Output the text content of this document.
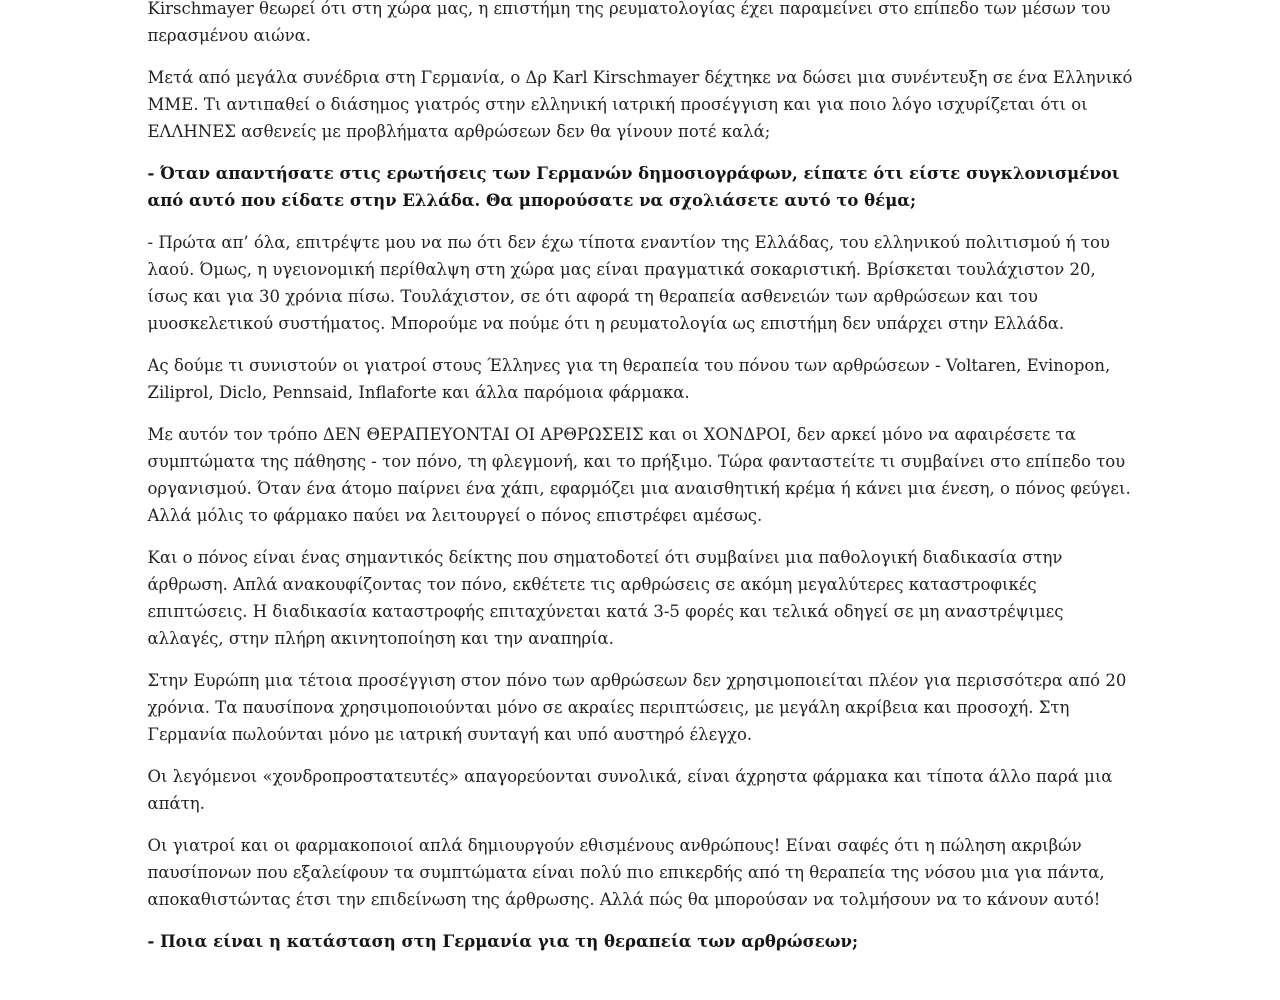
Kirschmayer θεωρεί ότι στη χώρα μας, η επιστήμη της ρευματολογίας έχει παραμείνει στο επίπεδο των μέσων του περασμένου αιώνα.

Μετά από μεγάλα συνέδρια στη Γερμανία, ο Δρ Karl Kirschmayer δέχτηκε να δώσει μια συνέντευξη σε ένα Ελληνικό ΜΜΕ. Τι αντιπαθεί ο διάσημος γιατρός στην ελληνική ιατρική προσέγγιση και για ποιο λόγο ισχυρίζεται ότι οι ΕΛΛΗΝΕΣ ασθενείς με προβλήματα αρθρώσεων δεν θα γίνουν ποτέ καλά;

- Όταν απαντήσατε στις ερωτήσεις των Γερμανών δημοσιογράφων, είπατε ότι είστε συγκλονισμένοι από αυτό που είδατε στην Ελλάδα. Θα μπορούσατε να σχολιάσετε αυτό το θέμα;

- Πρώτα απ’ όλα, επιτρέψτε μου να πω ότι δεν έχω τίποτα εναντίον της Ελλάδας, του ελληνικού πολιτισμού ή του λαού. Όμως, η υγειονομική περίθαλψη στη χώρα μας είναι πραγματικά σοκαριστική. Βρίσκεται τουλάχιστον 20, ίσως και για 30 χρόνια πίσω. Τουλάχιστον, σε ότι αφορά τη θεραπεία ασθενειών των αρθρώσεων και του μυοσκελετικού συστήματος. Μπορούμε να πούμε ότι η ρευματολογία ως επιστήμη δεν υπάρχει στην Ελλάδα.

Ας δούμε τι συνιστούν οι γιατροί στους Έλληνες για τη θεραπεία του πόνου των αρθρώσεων - Voltaren, Evinopon, Ziliprol, Diclo, Pennsaid, Inflaforte και άλλα παρόμοια φάρμακα.

Με αυτόν τον τρόπο ΔΕΝ ΘΕΡΑΠΕΥΟΝΤΑΙ ΟΙ ΑΡΘΡΩΣΕΙΣ και οι ΧΟΝΔΡΟΙ, δεν αρκεί μόνο να αφαιρέσετε τα συμπτώματα της πάθησης - τον πόνο, τη φλεγμονή, και το πρήξιμο. Τώρα φανταστείτε τι συμβαίνει στο επίπεδο του οργανισμού. Όταν ένα άτομο παίρνει ένα χάπι, εφαρμόζει μια αναισθητική κρέμα ή κάνει μια ένεση, ο πόνος φεύγει. Αλλά μόλις το φάρμακο παύει να λειτουργεί ο πόνος επιστρέφει αμέσως.

Και ο πόνος είναι ένας σημαντικός δείκτης που σηματοδοτεί ότι συμβαίνει μια παθολογική διαδικασία στην άρθρωση. Απλά ανακουφίζοντας τον πόνο, εκθέτετε τις αρθρώσεις σε ακόμη μεγαλύτερες καταστροφικές επιπτώσεις. Η διαδικασία καταστροφής επιταχύνεται κατά 3-5 φορές και τελικά οδηγεί σε μη αναστρέψιμες αλλαγές, στην πλήρη ακινητοποίηση και την αναπηρία.

Στην Ευρώπη μια τέτοια προσέγγιση στον πόνο των αρθρώσεων δεν χρησιμοποιείται πλέον για περισσότερα από 20 χρόνια. Τα παυσίπονα χρησιμοποιούνται μόνο σε ακραίες περιπτώσεις, με μεγάλη ακρίβεια και προσοχή. Στη Γερμανία πωλούνται μόνο με ιατρική συνταγή και υπό αυστηρό έλεγχο.

Οι λεγόμενοι «χονδροπροστατευτές» απαγορεύονται συνολικά, είναι άχρηστα φάρμακα και τίποτα άλλο παρά μια απάτη.

Οι γιατροί και οι φαρμακοποιοί απλά δημιουργούν εθισμένους ανθρώπους! Είναι σαφές ότι η πώληση ακριβών παυσίπονων που εξαλείφουν τα συμπτώματα είναι πολύ πιο επικερδής από τη θεραπεία της νόσου μια για πάντα, αποκαθιστώντας έτσι την επιδείνωση της άρθρωσης. Αλλά πώς θα μπορούσαν να τολμήσουν να το κάνουν αυτό!

- Ποια είναι η κατάσταση στη Γερμανία για τη θεραπεία των αρθρώσεων;
